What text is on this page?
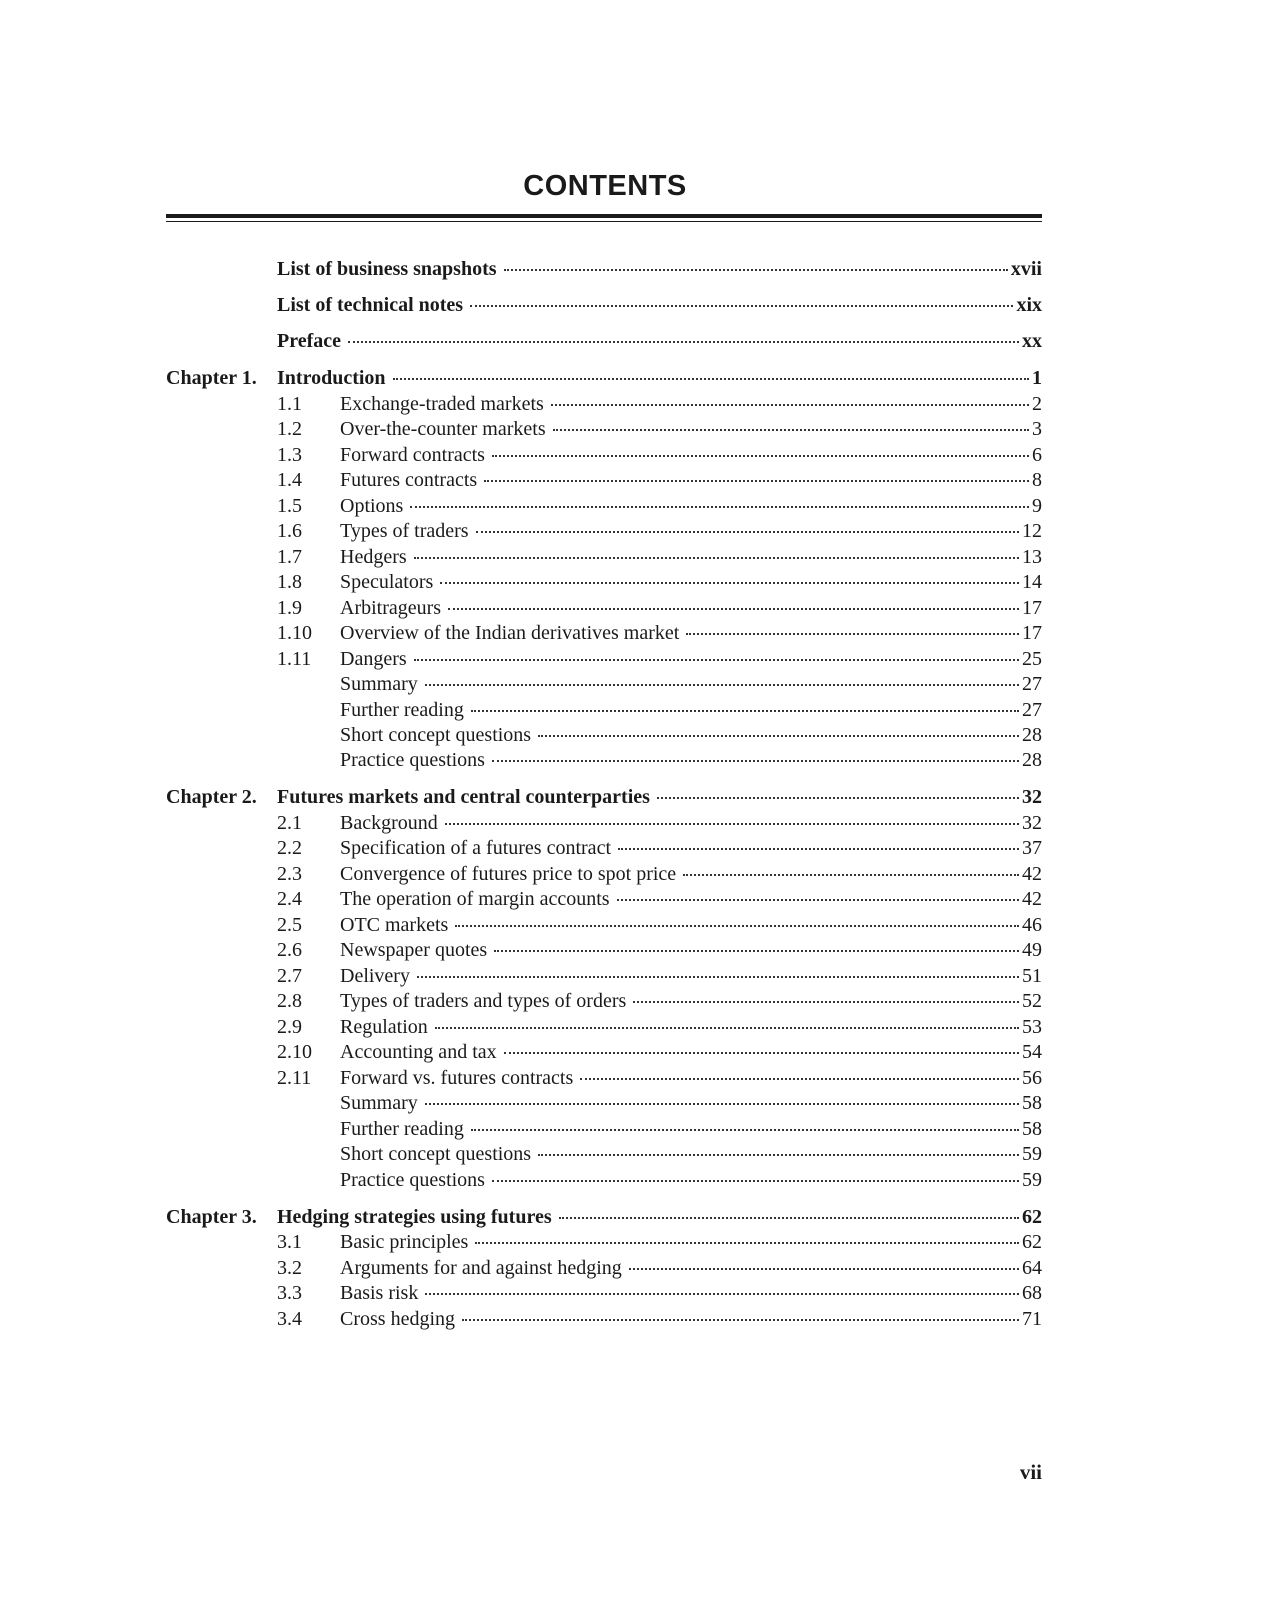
CONTENTS
List of business snapshots	xvii
List of technical notes	xix
Preface	xx
Chapter 1.	Introduction	1
1.1	Exchange-traded markets	2
1.2	Over-the-counter markets	3
1.3	Forward contracts	6
1.4	Futures contracts	8
1.5	Options	9
1.6	Types of traders	12
1.7	Hedgers	13
1.8	Speculators	14
1.9	Arbitrageurs	17
1.10	Overview of the Indian derivatives market	17
1.11	Dangers	25
Summary	27
Further reading	27
Short concept questions	28
Practice questions	28
Chapter 2.	Futures markets and central counterparties	32
2.1	Background	32
2.2	Specification of a futures contract	37
2.3	Convergence of futures price to spot price	42
2.4	The operation of margin accounts	42
2.5	OTC markets	46
2.6	Newspaper quotes	49
2.7	Delivery	51
2.8	Types of traders and types of orders	52
2.9	Regulation	53
2.10	Accounting and tax	54
2.11	Forward vs. futures contracts	56
Summary	58
Further reading	58
Short concept questions	59
Practice questions	59
Chapter 3.	Hedging strategies using futures	62
3.1	Basic principles	62
3.2	Arguments for and against hedging	64
3.3	Basis risk	68
3.4	Cross hedging	71
vii
